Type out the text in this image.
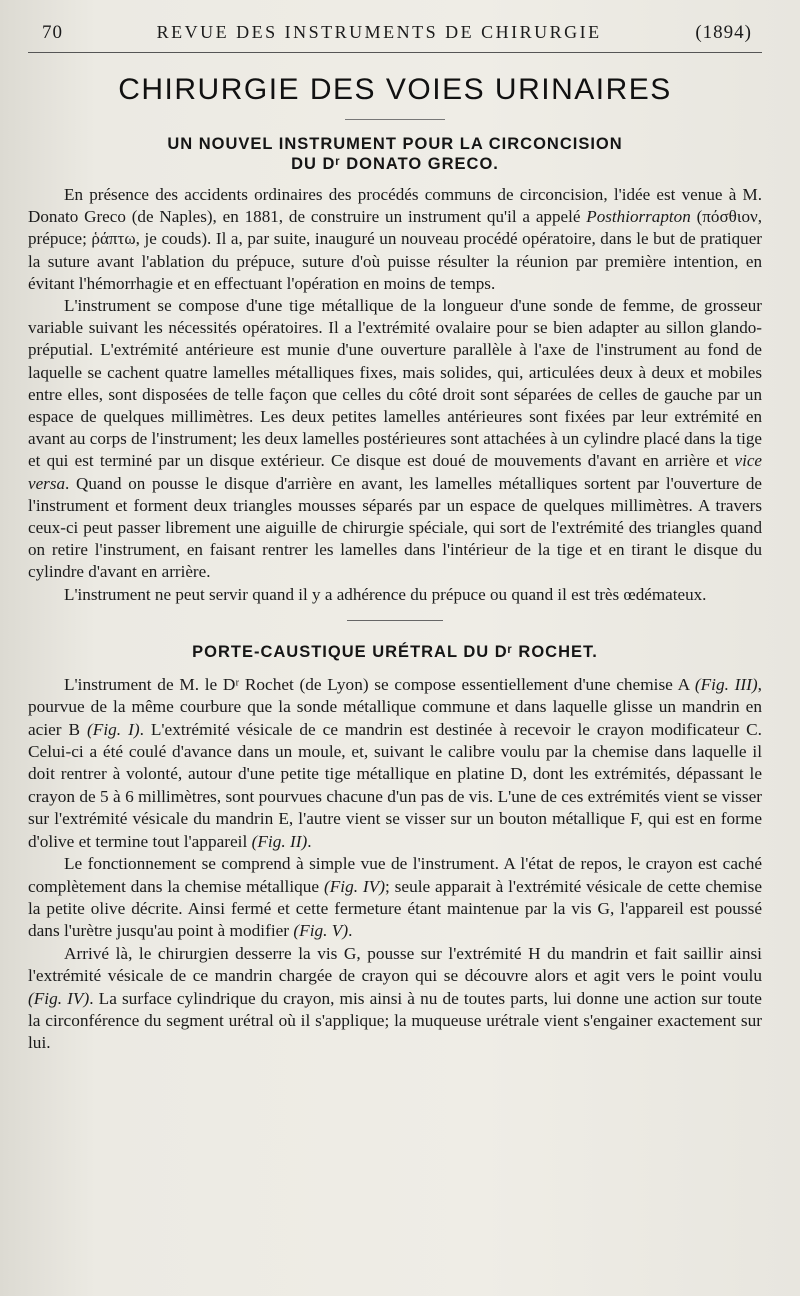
70	REVUE DES INSTRUMENTS DE CHIRURGIE	(1894)
CHIRURGIE DES VOIES URINAIRES
UN NOUVEL INSTRUMENT POUR LA CIRCONCISION
DU Dʳ DONATO GRECO.

En présence des accidents ordinaires des procédés communs de circoncision, l'idée est venue à M. Donato Greco (de Naples), en 1881, de construire un instrument qu'il a appelé Posthiorrapton (πόσθιον, prépuce; ῥάπτω, je couds). Il a, par suite, inauguré un nouveau procédé opératoire, dans le but de pratiquer la suture avant l'ablation du prépuce, suture d'où puisse résulter la réunion par première intention, en évitant l'hémorrhagie et en effectuant l'opération en moins de temps.

L'instrument se compose d'une tige métallique de la longueur d'une sonde de femme, de grosseur variable suivant les nécessités opératoires. Il a l'extrémité ovalaire pour se bien adapter au sillon glando-préputial. L'extrémité antérieure est munie d'une ouverture parallèle à l'axe de l'instrument au fond de laquelle se cachent quatre lamelles métalliques fixes, mais solides, qui, articulées deux à deux et mobiles entre elles, sont disposées de telle façon que celles du côté droit sont séparées de celles de gauche par un espace de quelques millimètres. Les deux petites lamelles antérieures sont fixées par leur extrémité en avant au corps de l'instrument; les deux lamelles postérieures sont attachées à un cylindre placé dans la tige et qui est terminé par un disque extérieur. Ce disque est doué de mouvements d'avant en arrière et vice versa. Quand on pousse le disque d'arrière en avant, les lamelles métalliques sortent par l'ouverture de l'instrument et forment deux triangles mousses séparés par un espace de quelques millimètres. A travers ceux-ci peut passer librement une aiguille de chirurgie spéciale, qui sort de l'extrémité des triangles quand on retire l'instrument, en faisant rentrer les lamelles dans l'intérieur de la tige et en tirant le disque du cylindre d'avant en arrière.

L'instrument ne peut servir quand il y a adhérence du prépuce ou quand il est très œdémateux.

PORTE-CAUSTIQUE URÉTRAL DU Dʳ ROCHET.

L'instrument de M. le Dʳ Rochet (de Lyon) se compose essentiellement d'une chemise A (Fig. III), pourvue de la même courbure que la sonde métallique commune et dans laquelle glisse un mandrin en acier B (Fig. I). L'extrémité vésicale de ce mandrin est destinée à recevoir le crayon modificateur C. Celui-ci a été coulé d'avance dans un moule, et, suivant le calibre voulu par la chemise dans laquelle il doit rentrer à volonté, autour d'une petite tige métallique en platine D, dont les extrémités, dépassant le crayon de 5 à 6 millimètres, sont pourvues chacune d'un pas de vis. L'une de ces extrémités vient se visser sur l'extrémité vésicale du mandrin E, l'autre vient se visser sur un bouton métallique F, qui est en forme d'olive et termine tout l'appareil (Fig. II).

Le fonctionnement se comprend à simple vue de l'instrument. A l'état de repos, le crayon est caché complètement dans la chemise métallique (Fig. IV); seule apparait à l'extrémité vésicale de cette chemise la petite olive décrite. Ainsi fermé et cette fermeture étant maintenue par la vis G, l'appareil est poussé dans l'urètre jusqu'au point à modifier (Fig. V).

Arrivé là, le chirurgien desserre la vis G, pousse sur l'extrémité H du mandrin et fait saillir ainsi l'extrémité vésicale de ce mandrin chargée de crayon qui se découvre alors et agit vers le point voulu (Fig. IV). La surface cylindrique du crayon, mis ainsi à nu de toutes parts, lui donne une action sur toute la circonférence du segment urétral où il s'applique; la muqueuse urétrale vient s'engainer exactement sur lui.
